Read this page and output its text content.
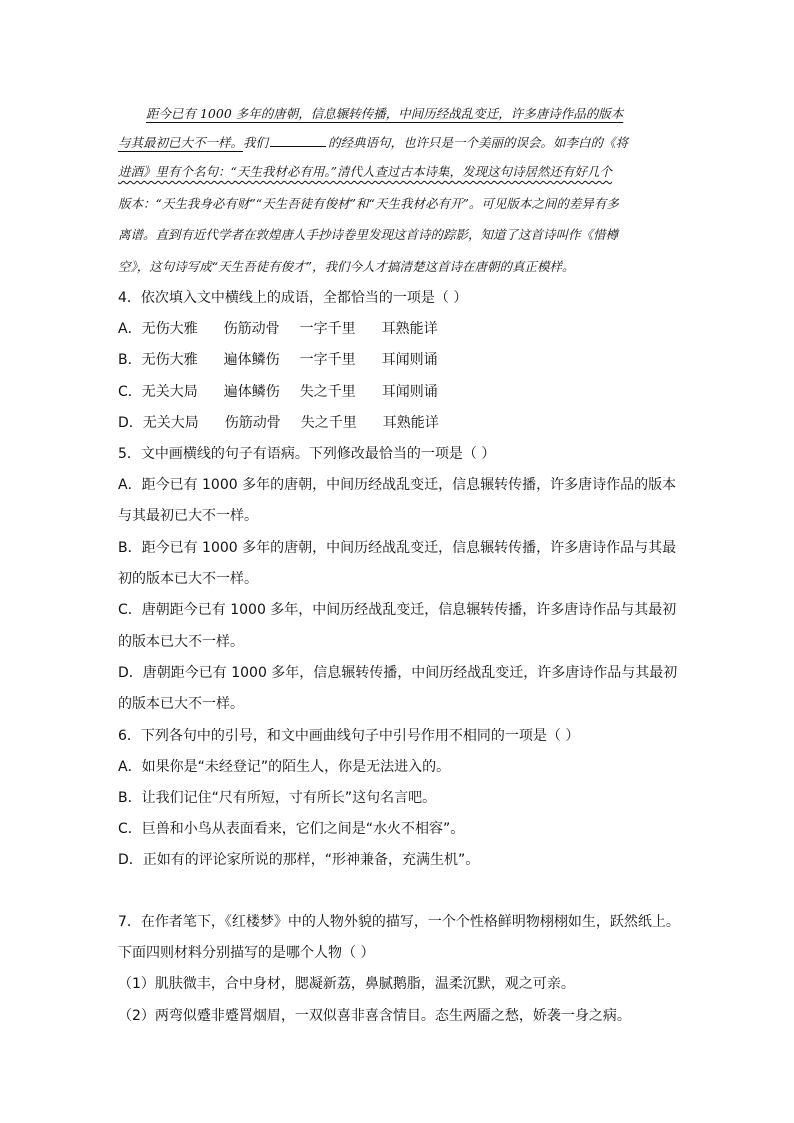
距今已有 1000 多年的唐朝，信息辗转传播，中间历经战乱变迁，许多唐诗作品的版本
与其最初已大不一样。我们	的经典语句，也许只是一个美丽的误会。如李白的《将
进酒》里有个名句：“天生我材必有用。”清代人查过古本诗集，发现这句诗居然还有好几个
版本：“天生我身必有财”“天生吾徒有俊材”和“天生我材必有开”。可见版本之间的差异有多
离谱。直到有近代学者在敦煌唐人手抄诗卷里发现这首诗的踪影，知道了这首诗叫作《惜樽
空》，这句诗写成“天生吾徒有俊才”，我们今人才搞清楚这首诗在唐朝的真正模样。
4．依次填入文中横线上的成语，全都恰当的一项是（ ）
A．无伤大雅 伤筋动骨 一字千里 耳熟能详
B．无伤大雅 遍体鳞伤 一字千里 耳闻则诵
C．无关大局 遍体鳞伤 失之千里 耳闻则诵
D．无关大局 伤筋动骨 失之千里 耳熟能详
5．文中画横线的句子有语病。下列修改最恰当的一项是（ ）
A．距今已有 1000 多年的唐朝，中间历经战乱变迁，信息辗转传播，许多唐诗作品的版本
与其最初已大不一样。
B．距今已有 1000 多年的唐朝，中间历经战乱变迁，信息辗转传播，许多唐诗作品与其最
初的版本已大不一样。
C．唐朝距今已有 1000 多年，中间历经战乱变迁，信息辗转传播，许多唐诗作品与其最初
的版本已大不一样。
D．唐朝距今已有 1000 多年，信息辗转传播，中间历经战乱变迁，许多唐诗作品与其最初
的版本已大不一样。
6．下列各句中的引号，和文中画曲线句子中引号作用不相同的一项是（ ）
A．如果你是“未经登记”的陌生人，你是无法进入的。
B．让我们记住“尺有所短，寸有所长”这句名言吧。
C．巨兽和小鸟从表面看来，它们之间是“水火不相容”。
D．正如有的评论家所说的那样，“形神兼备，充满生机”。
7．在作者笔下，《红楼梦》中的人物外貌的描写，一个个性格鲜明物栩栩如生，跃然纸上。
下面四则材料分别描写的是哪个人物（ ）
（1）肌肤微丰，合中身材，腮凝新荔，鼻腻鹅脂，温柔沉默，观之可亲。
（2）两弯似蹙非蹙罥烟眉，一双似喜非喜含情目。态生两靥之愁，娇袭一身之病。
